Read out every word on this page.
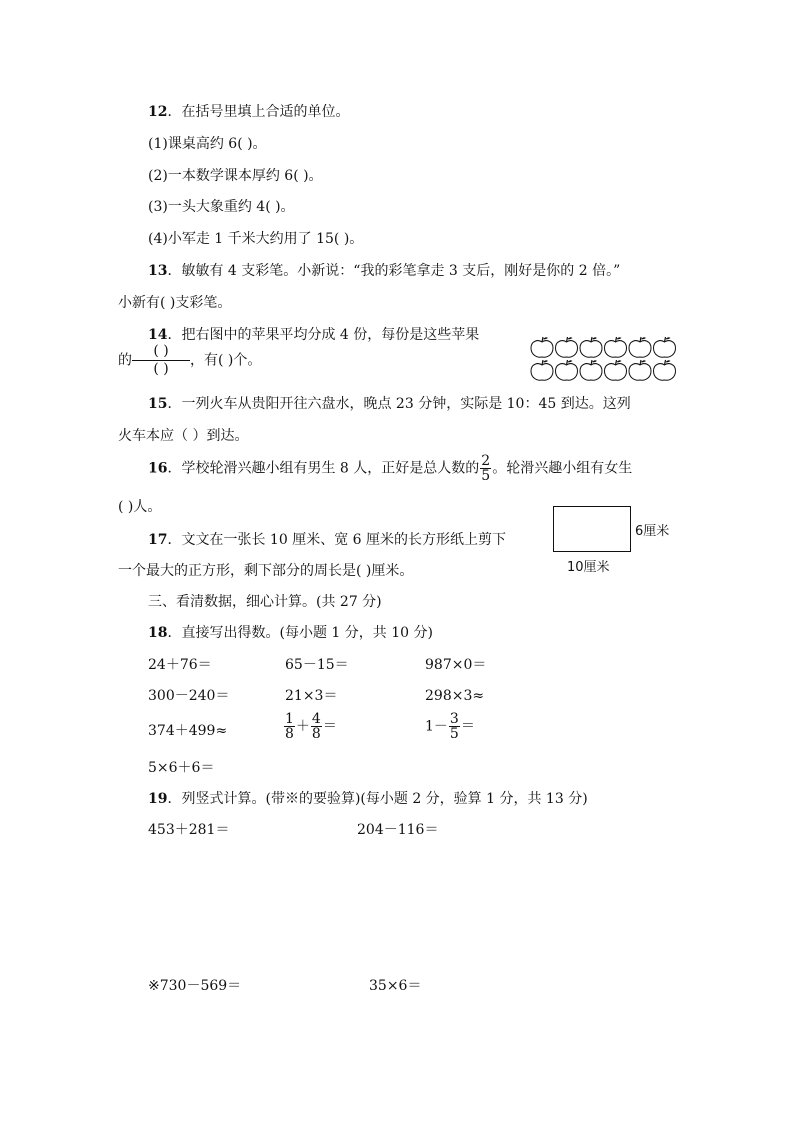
12．在括号里填上合适的单位。
(1)课桌高约 6( )。
(2)一本数学课本厚约 6( )。
(3)一头大象重约 4( )。
(4)小军走 1 千米大约用了 15( )。
13．敏敏有 4 支彩笔。小新说：“我的彩笔拿走 3 支后，刚好是你的 2 倍。”
小新有( )支彩笔。
14．把右图中的苹果平均分成 4 份，每份是这些苹果
的
( )
( )
，有( )个。
15．一列火车从贵阳开往六盘水，晚点 23 分钟，实际是 10：45 到达。这列
火车本应（ ）到达。
16．学校轮滑兴趣小组有男生 8 人，正好是总人数的 $\frac{2}{5}$ 。轮滑兴趣小组有女生
( )人。
17．文文在一张长 10 厘米、宽 6 厘米的长方形纸上剪下
一个最大的正方形，剩下部分的周长是( )厘米。
6厘米
10厘米
三、看清数据，细心计算。(共 27 分)
18．直接写出得数。(每小题 1 分，共 10 分)
24＋76＝	65－15＝	987×0＝
300－240＝	21×3＝	298×3≈
374＋499≈	$\frac{1}{8} + \frac{4}{8}$ ＝	$1- \frac{3}{5}$ ＝
5×6＋6＝
19．列竖式计算。(带※的要验算)(每小题 2 分，验算 1 分，共 13 分)
453＋281＝	204－116＝
※730－569＝	35×6＝
